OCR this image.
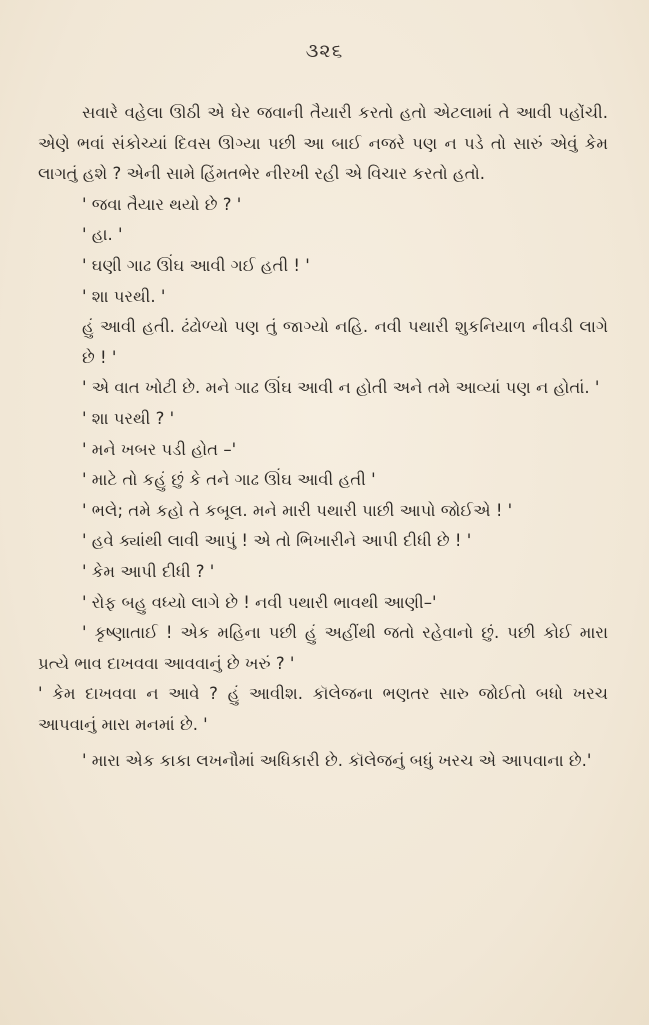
૩૨૬

સવારે વહેલા ઊઠી એ ઘેર જવાની તૈયારી કરતો હતો એટલામાં તે આવી પહોંચી. એણે ભવાં સંકોચ્યાં દિવસ ઊગ્યા પછી આ બાઈ નજરે પણ ન પડે તો સારું એવું કેમ લાગતું હશે ? એની સામે હિંમતભેર નીરખી રહી એ વિચાર કરતો હતો.

' જવા તૈયાર થયો છે ? '

' હા. '

' ઘણી ગાઢ ઊંઘ આવી ગઈ હતી ! '

' શા પરથી. '

હું આવી હતી. ઢંઢોળ્યો પણ તું જાગ્યો નહિ. નવી પથારી શુકનિયાળ નીવડી લાગે છે ! '

' એ વાત ખોટી છે. મને ગાઢ ઊંઘ આવી ન હોતી અને તમે આવ્યાં પણ ન હોતાં. '

' શા પરથી ? '

' મને ખબર પડી હોત –'

' માટે તો કહું છું કે તને ગાઢ ઊંઘ આવી હતી '

' ભલે; તમે કહો તે કબૂલ. મને મારી પથારી પાછી આપો જોઈએ ! '

' હવે ક્યાંથી લાવી આપું ! એ તો ભિખારીને આપી દીધી છે ! '

' કેમ આપી દીધી ? '

' રોફ બહુ વધ્યો લાગે છે ! નવી પથારી ભાવથી આણી–'

' કૃષ્ણાતાઈ ! એક મહિના પછી હું અહીંથી જતો રહેવાનો છું. પછી કોઈ મારા પ્રત્યે ભાવ દાખવવા આવવાનું છે ખરું ? '

' કેમ દાખવવા ન આવે ? હું આવીશ. કૉલેજના ભણતર સારુ જોઈતો બધો ખરચ આપવાનું મારા મનમાં છે. '

' મારા એક કાકા લખનૌમાં અધિકારી છે. કૉલેજનું બધું ખરચ એ આપવાના છે.'
